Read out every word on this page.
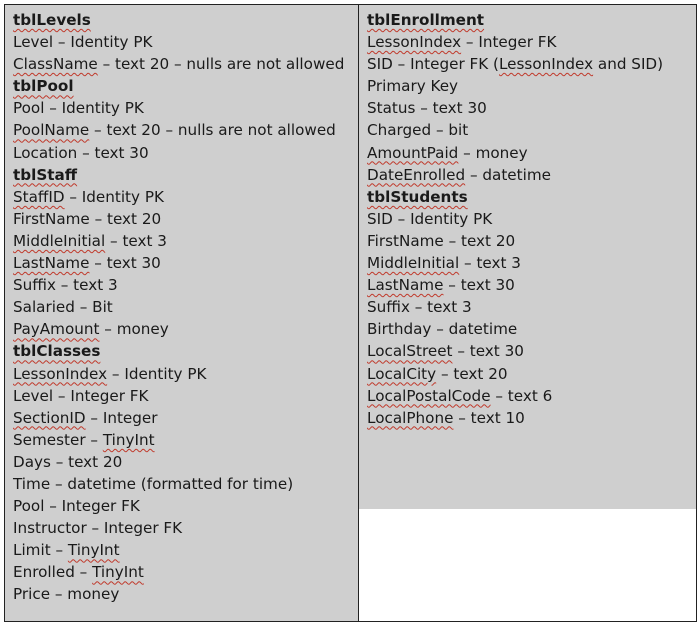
tblLevels
Level – Identity PK
ClassName – text 20 – nulls are not allowed
tblPool
Pool – Identity PK
PoolName – text 20 – nulls are not allowed
Location – text 30
tblStaff
StaffID – Identity PK
FirstName – text 20
MiddleInitial – text 3
LastName – text 30
Suffix – text 3
Salaried – Bit
PayAmount – money
tblClasses
LessonIndex – Identity PK
Level – Integer FK
SectionID – Integer
Semester – TinyInt
Days – text 20
Time – datetime (formatted for time)
Pool – Integer FK
Instructor – Integer FK
Limit – TinyInt
Enrolled – TinyInt
Price – money
tblEnrollment
LessonIndex – Integer FK
SID – Integer FK (LessonIndex and SID)
Primary Key
Status – text 30
Charged – bit
AmountPaid – money
DateEnrolled – datetime
tblStudents
SID – Identity PK
FirstName – text 20
MiddleInitial – text 3
LastName – text 30
Suffix – text 3
Birthday – datetime
LocalStreet – text 30
LocalCity – text 20
LocalPostalCode – text 6
LocalPhone – text 10
